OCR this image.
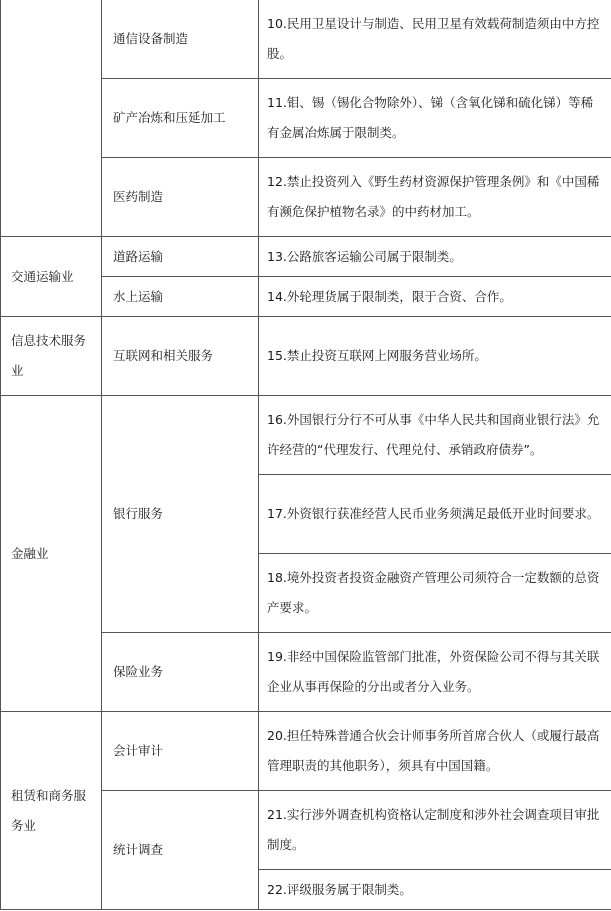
	通信设备制造	10.民用卫星设计与制造、民用卫星有效载荷制造须由中方控股。
	矿产冶炼和压延加工	11.钼、锡（锡化合物除外）、锑（含氧化锑和硫化锑）等稀有金属冶炼属于限制类。
	医药制造	12.禁止投资列入《野生药材资源保护管理条例》和《中国稀有濒危保护植物名录》的中药材加工。
交通运输业	道路运输	13.公路旅客运输公司属于限制类。
	水上运输	14.外轮理货属于限制类，限于合资、合作。
信息技术服务业	互联网和相关服务	15.禁止投资互联网上网服务营业场所。
金融业	银行服务	16.外国银行分行不可从事《中华人民共和国商业银行法》允许经营的“代理发行、代理兑付、承销政府债券”。
		17.外资银行获准经营人民币业务须满足最低开业时间要求。
		18.境外投资者投资金融资产管理公司须符合一定数额的总资产要求。
	保险业务	19.非经中国保险监管部门批准，外资保险公司不得与其关联企业从事再保险的分出或者分入业务。
租赁和商务服务业	会计审计	20.担任特殊普通合伙会计师事务所首席合伙人（或履行最高管理职责的其他职务），须具有中国国籍。
	统计调查	21.实行涉外调查机构资格认定制度和涉外社会调查项目审批制度。
		22.评级服务属于限制类。
